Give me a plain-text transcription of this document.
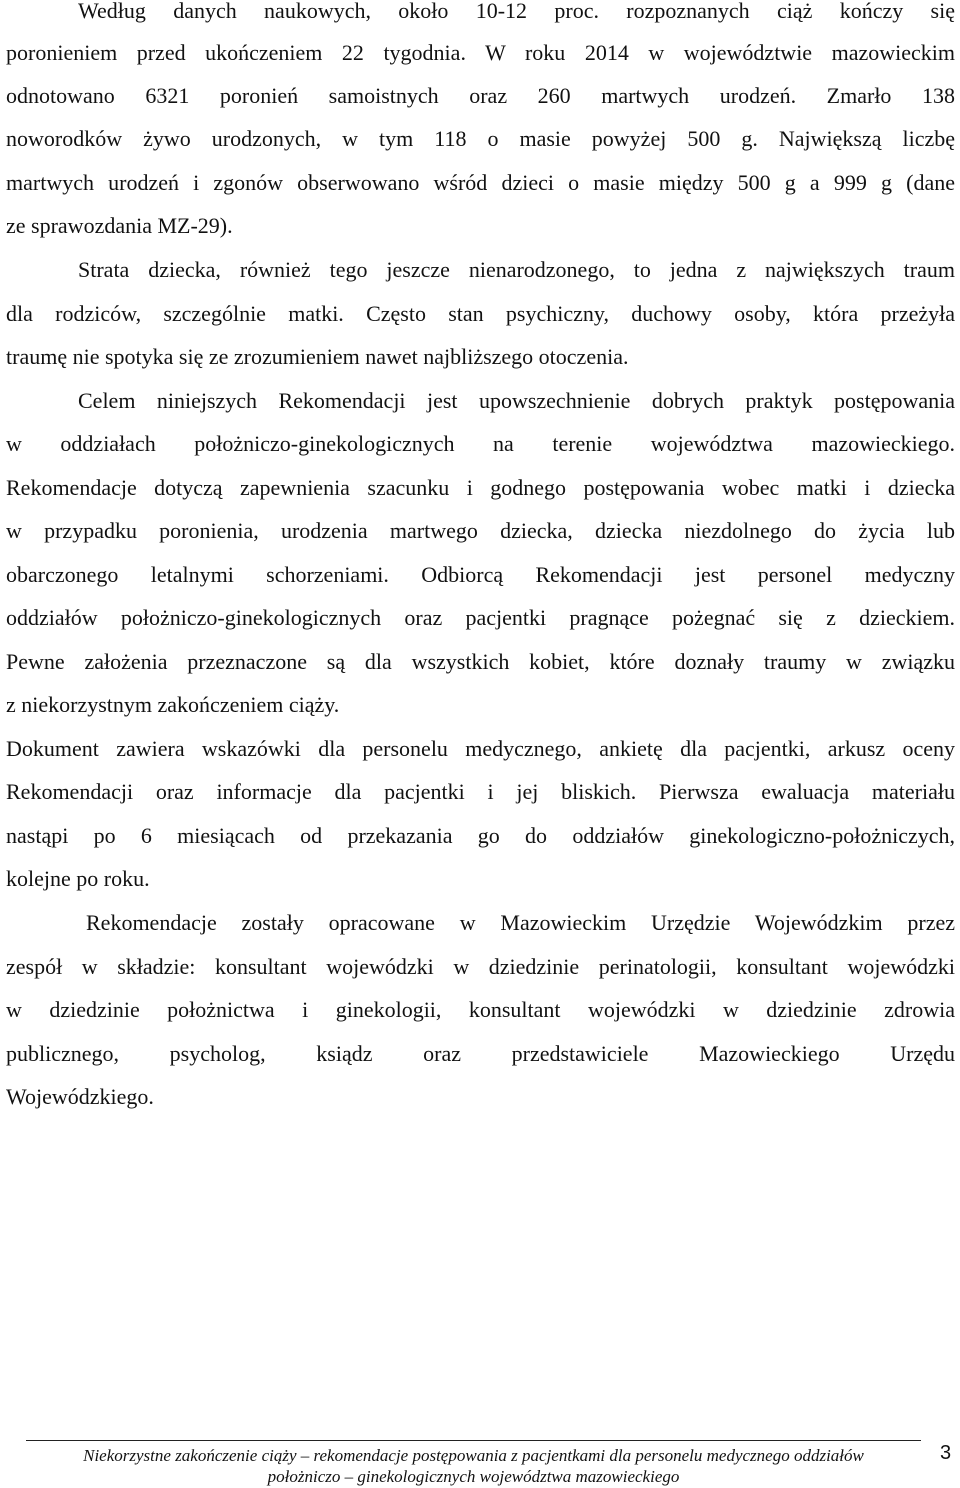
Według danych naukowych, około 10-12 proc. rozpoznanych ciąż kończy się
poronieniem przed ukończeniem 22 tygodnia. W roku 2014 w województwie mazowieckim
odnotowano 6321 poronień samoistnych oraz 260 martwych urodzeń. Zmarło 138
noworodków żywo urodzonych, w tym 118 o masie powyżej 500 g. Największą liczbę
martwych urodzeń i zgonów obserwowano wśród dzieci o masie między 500 g a 999 g (dane
ze sprawozdania MZ-29).
Strata dziecka, również tego jeszcze nienarodzonego, to jedna z największych traum
dla rodziców, szczególnie matki. Często stan psychiczny, duchowy osoby, która przeżyła
traumę nie spotyka się ze zrozumieniem nawet najbliższego otoczenia.
Celem niniejszych Rekomendacji jest upowszechnienie dobrych praktyk postępowania
w oddziałach położniczo-ginekologicznych na terenie województwa mazowieckiego.
Rekomendacje dotyczą zapewnienia szacunku i godnego postępowania wobec matki i dziecka
w przypadku poronienia, urodzenia martwego dziecka, dziecka niezdolnego do życia lub
obarczonego letalnymi schorzeniami. Odbiorcą Rekomendacji jest personel medyczny
oddziałów położniczo-ginekologicznych oraz pacjentki pragnące pożegnać się z dzieckiem.
Pewne założenia przeznaczone są dla wszystkich kobiet, które doznały traumy w związku
z niekorzystnym zakończeniem ciąży.
Dokument zawiera wskazówki dla personelu medycznego, ankietę dla pacjentki, arkusz oceny
Rekomendacji oraz informacje dla pacjentki i jej bliskich. Pierwsza ewaluacja materiału
nastąpi po 6 miesiącach od przekazania go do oddziałów ginekologiczno-położniczych,
kolejne po roku.
Rekomendacje zostały opracowane w Mazowieckim Urzędzie Wojewódzkim przez
zespół w składzie: konsultant wojewódzki w dziedzinie perinatologii, konsultant wojewódzki
w dziedzinie położnictwa i ginekologii, konsultant wojewódzki w dziedzinie zdrowia
publicznego, psycholog, ksiądz oraz przedstawiciele Mazowieckiego Urzędu
Wojewódzkiego.
Niekorzystne zakończenie ciąży – rekomendacje postępowania z pacjentkami dla personelu medycznego oddziałów
położniczo – ginekologicznych województwa mazowieckiego
3
